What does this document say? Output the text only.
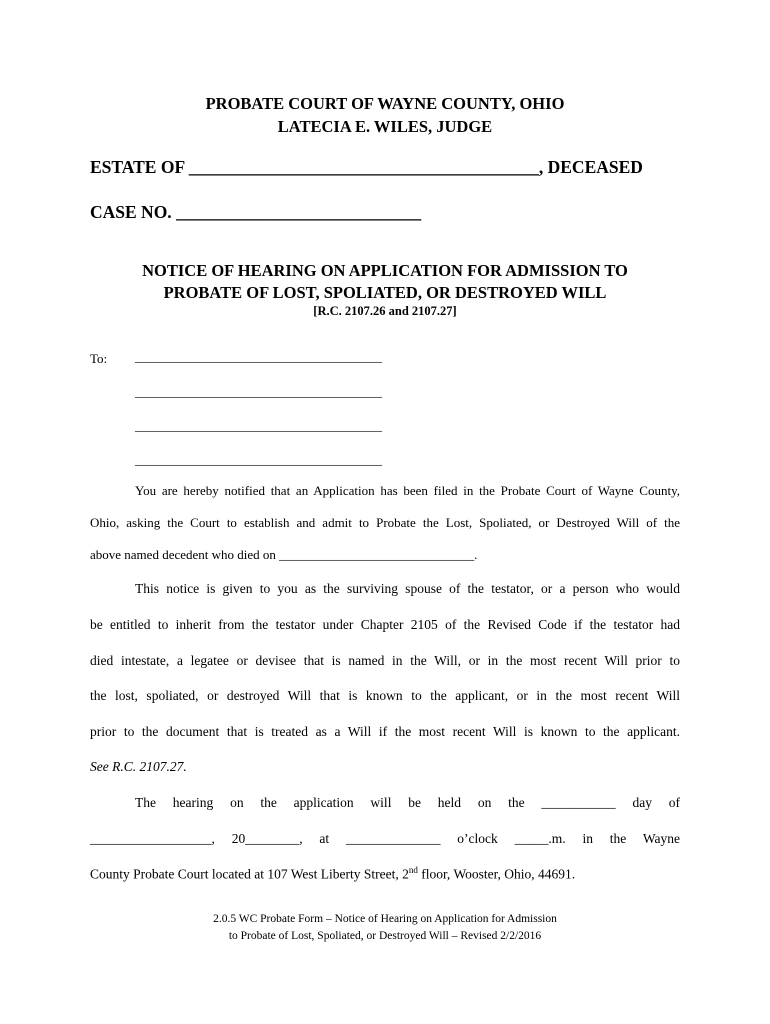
PROBATE COURT OF WAYNE COUNTY, OHIO
LATECIA E. WILES, JUDGE
ESTATE OF ________________________________________, DECEASED
CASE NO. ____________________________
NOTICE OF HEARING ON APPLICATION FOR ADMISSION TO
PROBATE OF LOST, SPOLIATED, OR DESTROYED WILL
[R.C. 2107.26 and 2107.27]
To: ______________________________________
______________________________________
______________________________________
______________________________________
You are hereby notified that an Application has been filed in the Probate Court of Wayne County,
Ohio, asking the Court to establish and admit to Probate the Lost, Spoliated, or Destroyed Will of the
above named decedent who died on ______________________________.
This notice is given to you as the surviving spouse of the testator, or a person who would
be entitled to inherit from the testator under Chapter 2105 of the Revised Code if the testator had
died intestate, a legatee or devisee that is named in the Will, or in the most recent Will prior to
the lost, spoliated, or destroyed Will that is known to the applicant, or in the most recent Will
prior to the document that is treated as a Will if the most recent Will is known to the applicant.
See R.C. 2107.27.
The hearing on the application will be held on the ___________ day of
__________________, 20________, at ______________ o’clock _____.m. in the Wayne
County Probate Court located at 107 West Liberty Street, 2nd floor, Wooster, Ohio, 44691.
2.0.5 WC Probate Form – Notice of Hearing on Application for Admission
to Probate of Lost, Spoliated, or Destroyed Will – Revised 2/2/2016
